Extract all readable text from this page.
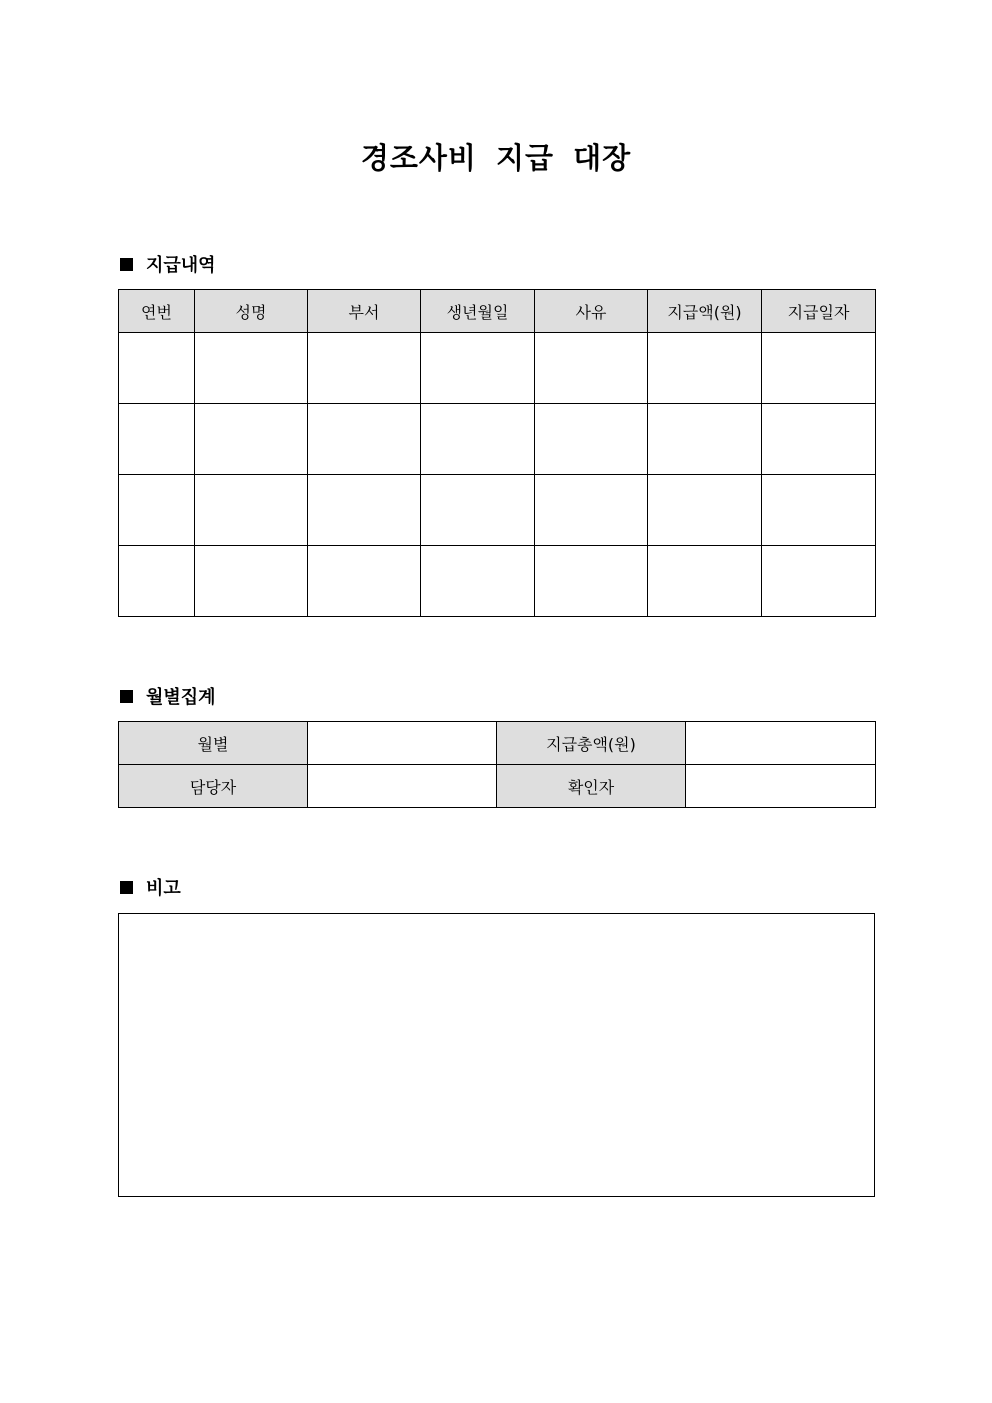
경조사비 지급 대장
지급내역
연번	성명	부서	생년월일	사유	지급액(원)	지급일자

월별집계
월별		지급총액(원)	
담당자		확인자	
비고
